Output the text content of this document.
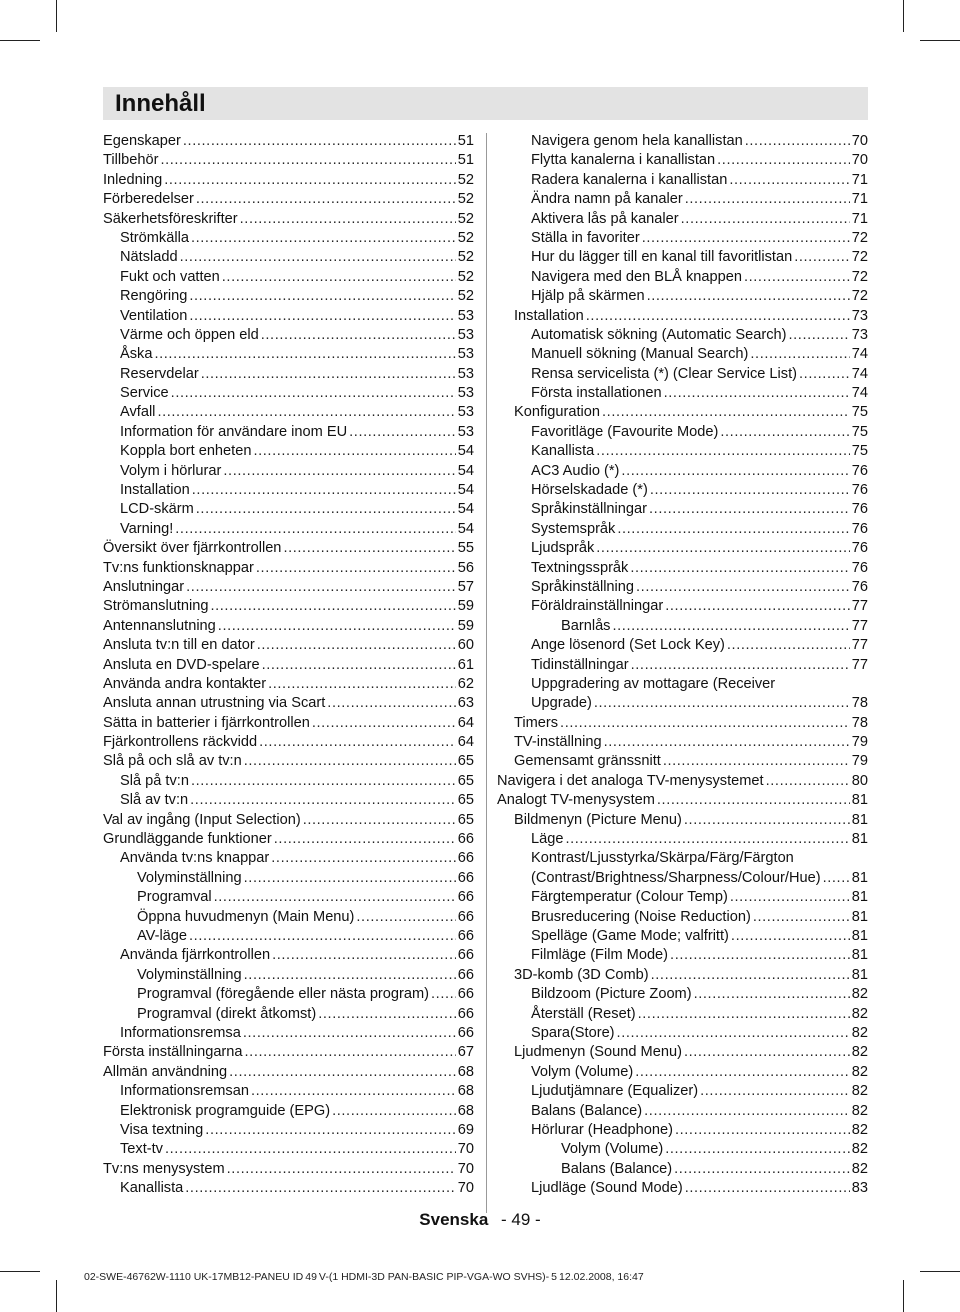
Innehåll
Egenskaper .....	51
Tillbehör .....	51
Inledning .....	52
Förberedelser .....	52
Säkerhetsföreskrifter .....	52
Strömkälla .....	52
Nätsladd .....	52
Fukt och vatten .....	52
Rengöring .....	52
Ventilation .....	53
Värme och öppen eld .....	53
Åska .....	53
Reservdelar .....	53
Service .....	53
Avfall .....	53
Information för användare inom EU .....	53
Koppla bort enheten .....	54
Volym i hörlurar .....	54
Installation .....	54
LCD-skärm .....	54
Varning! .....	54
Översikt över fjärrkontrollen .....	55
Tv:ns funktionsknappar .....	56
Anslutningar .....	57
Strömanslutning .....	59
Antennanslutning .....	59
Ansluta tv:n till en dator .....	60
Ansluta en DVD-spelare .....	61
Använda andra kontakter .....	62
Ansluta annan utrustning via Scart .....	63
Sätta in batterier i fjärrkontrollen .....	64
Fjärkontrollens räckvidd .....	64
Slå på och slå av tv:n .....	65
Slå på tv:n .....	65
Slå av tv:n .....	65
Val av ingång (Input Selection) .....	65
Grundläggande funktioner .....	66
Använda tv:ns knappar .....	66
Volyminställning .....	66
Programval .....	66
Öppna huvudmenyn (Main Menu) .....	66
AV-läge .....	66
Använda fjärrkontrollen .....	66
Volyminställning .....	66
Programval (föregående eller nästa program) ..... 66
Programval (direkt åtkomst) .....	66
Informationsremsa .....	66
Första inställningarna .....	67
Allmän användning .....	68
Informationsremsan .....	68
Elektronisk programguide (EPG) .....	68
Visa textning .....	69
Text-tv .....	70
Tv:ns menysystem .....	70
Kanallista .....	70
Navigera genom hela kanallistan .....	70
Flytta kanalerna i kanallistan .....	70
Radera kanalerna i kanallistan .....	71
Ändra namn på kanaler .....	71
Aktivera lås på kanaler .....	71
Ställa in favoriter .....	72
Hur du lägger till en kanal till favoritlistan .....	72
Navigera med den BLÅ knappen .....	72
Hjälp på skärmen .....	72
Installation .....	73
Automatisk sökning (Automatic Search) .....	73
Manuell sökning (Manual Search) .....	74
Rensa servicelista (*) (Clear Service List) .....	74
Första installationen .....	74
Konfiguration .....	75
Favoritläge (Favourite Mode) .....	75
Kanallista .....	75
AC3 Audio (*) .....	76
Hörselskadade (*) .....	76
Språkinställningar .....	76
Systemspråk .....	76
Ljudspråk .....	76
Textningsspråk .....	76
Språkinställning .....	76
Föräldrainställningar .....	77
Barnlås .....	77
Ange lösenord (Set Lock Key) .....	77
Tidinställningar .....	77
Uppgradering av mottagare (Receiver
Upgrade) .....	78
Timers .....	78
TV-inställning .....	79
Gemensamt gränssnitt .....	79
Navigera i det analoga TV-menysystemet .....	80
Analogt TV-menysystem .....	81
Bildmenyn (Picture Menu) .....	81
Läge .....	81
Kontrast/Ljusstyrka/Skärpa/Färg/Färgton
(Contrast/Brightness/Sharpness/Colour/Hue) ..... 81
Färgtemperatur (Colour Temp) .....	81
Brusreducering (Noise Reduction) .....	81
Spelläge (Game Mode; valfritt) .....	81
Filmläge (Film Mode) .....	81
3D-komb (3D Comb) .....	81
Bildzoom (Picture Zoom) .....	82
Återställ (Reset) .....	82
Spara(Store) .....	82
Ljudmenyn (Sound Menu) .....	82
Volym (Volume) .....	82
Ljudutjämnare (Equalizer) .....	82
Balans (Balance) .....	82
Hörlurar (Headphone) .....	82
Volym (Volume) .....	82
Balans (Balance) .....	82
Ljudläge (Sound Mode) .....	83
Svenska - 49 -
02-SWE-46762W-1110 UK-17MB12-PANEU ID 49 V-(1 HDMI-3D PAN-BASIC PIP-VGA-WO SVHS)- 5 12.02.2008, 16:47
